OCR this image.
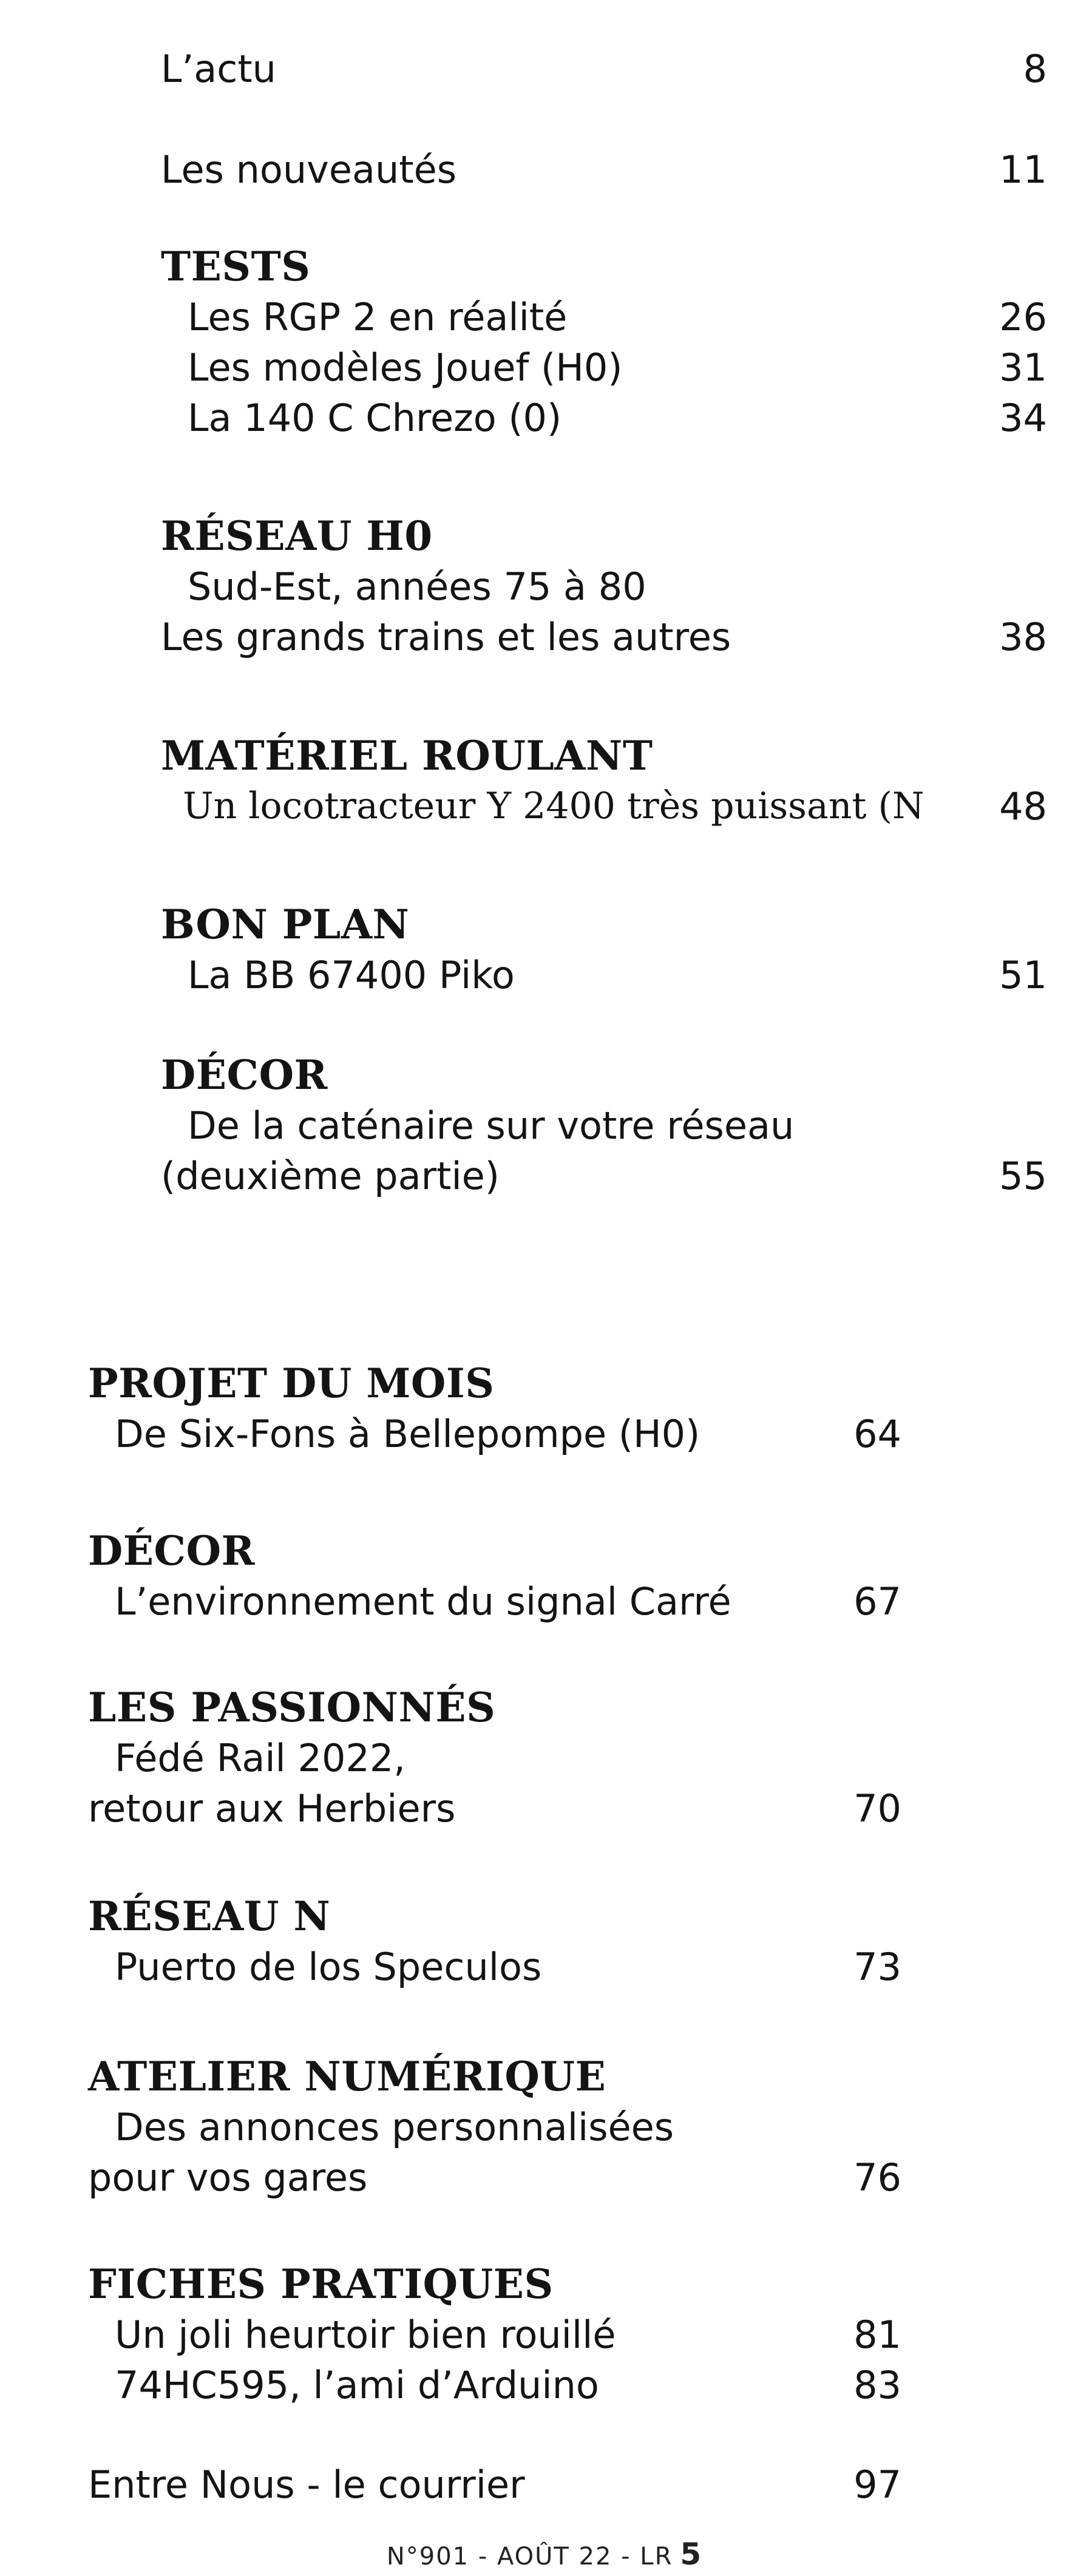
L’actu	8
Les nouveautés	11
TESTS
Les RGP 2 en réalité	26
Les modèles Jouef (H0)	31
La 140 C Chrezo (0)	34
RÉSEAU H0
Sud-Est, années 75 à 80
Les grands trains et les autres	38
MATÉRIEL ROULANT
Un locotracteur Y 2400 très puissant (N	48
BON PLAN
La BB 67400 Piko	51
DÉCOR
De la caténaire sur votre réseau
(deuxième partie)	55
PROJET DU MOIS
De Six-Fons à Bellepompe (H0)	64
DÉCOR
L’environnement du signal Carré	67
LES PASSIONNÉS
Fédé Rail 2022,
retour aux Herbiers	70
RÉSEAU N
Puerto de los Speculos	73
ATELIER NUMÉRIQUE
Des annonces personnalisées
pour vos gares	76
FICHES PRATIQUES
Un joli heurtoir bien rouillé	81
74HC595, l’ami d’Arduino	83
Entre Nous - le courrier	97
N°901 - AOÛT 22 - LR 5
